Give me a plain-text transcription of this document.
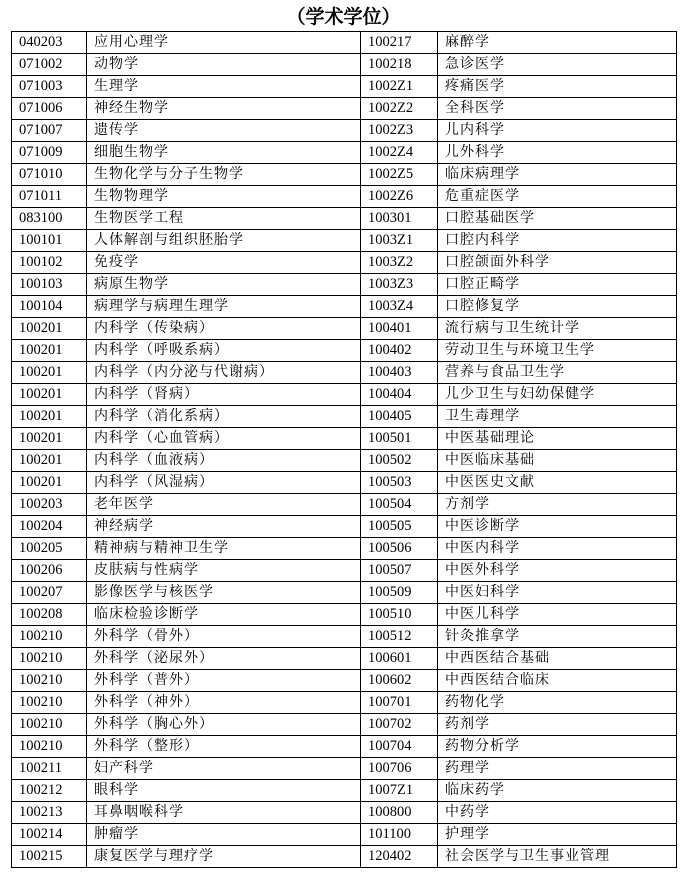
（学术学位）
040203	应用心理学	100217	麻醉学
071002	动物学	100218	急诊医学
071003	生理学	1002Z1	疼痛医学
071006	神经生物学	1002Z2	全科医学
071007	遗传学	1002Z3	儿内科学
071009	细胞生物学	1002Z4	儿外科学
071010	生物化学与分子生物学	1002Z5	临床病理学
071011	生物物理学	1002Z6	危重症医学
083100	生物医学工程	100301	口腔基础医学
100101	人体解剖与组织胚胎学	1003Z1	口腔内科学
100102	免疫学	1003Z2	口腔颌面外科学
100103	病原生物学	1003Z3	口腔正畸学
100104	病理学与病理生理学	1003Z4	口腔修复学
100201	内科学（传染病）	100401	流行病与卫生统计学
100201	内科学（呼吸系病）	100402	劳动卫生与环境卫生学
100201	内科学（内分泌与代谢病）	100403	营养与食品卫生学
100201	内科学（肾病）	100404	儿少卫生与妇幼保健学
100201	内科学（消化系病）	100405	卫生毒理学
100201	内科学（心血管病）	100501	中医基础理论
100201	内科学（血液病）	100502	中医临床基础
100201	内科学（风湿病）	100503	中医医史文献
100203	老年医学	100504	方剂学
100204	神经病学	100505	中医诊断学
100205	精神病与精神卫生学	100506	中医内科学
100206	皮肤病与性病学	100507	中医外科学
100207	影像医学与核医学	100509	中医妇科学
100208	临床检验诊断学	100510	中医儿科学
100210	外科学（骨外）	100512	针灸推拿学
100210	外科学（泌尿外）	100601	中西医结合基础
100210	外科学（普外）	100602	中西医结合临床
100210	外科学（神外）	100701	药物化学
100210	外科学（胸心外）	100702	药剂学
100210	外科学（整形）	100704	药物分析学
100211	妇产科学	100706	药理学
100212	眼科学	1007Z1	临床药学
100213	耳鼻咽喉科学	100800	中药学
100214	肿瘤学	101100	护理学
100215	康复医学与理疗学	120402	社会医学与卫生事业管理
